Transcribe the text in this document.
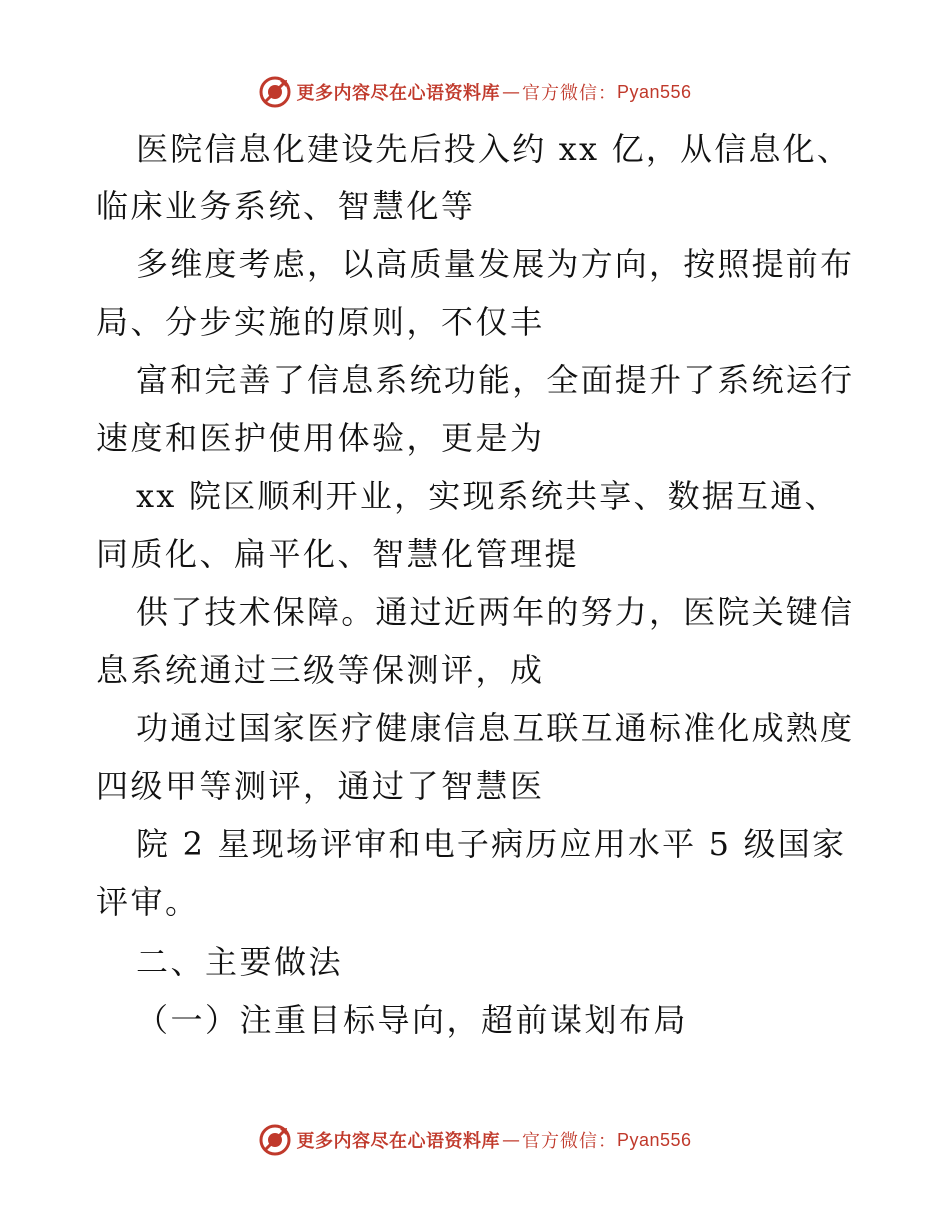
更多内容尽在心语资料库 — 官方微信： Pyan556
医院信息化建设先后投入约 xx 亿，从信息化、
临床业务系统、智慧化等
多维度考虑，以高质量发展为方向，按照提前布
局、分步实施的原则，不仅丰
富和完善了信息系统功能，全面提升了系统运行
速度和医护使用体验，更是为
xx 院区顺利开业，实现系统共享、数据互通、
同质化、扁平化、智慧化管理提
供了技术保障。通过近两年的努力，医院关键信
息系统通过三级等保测评，成
功通过国家医疗健康信息互联互通标准化成熟度
四级甲等测评，通过了智慧医
院 2 星现场评审和电子病历应用水平 5 级国家
评审。
二、主要做法
（一）注重目标导向，超前谋划布局
更多内容尽在心语资料库 — 官方微信： Pyan556
